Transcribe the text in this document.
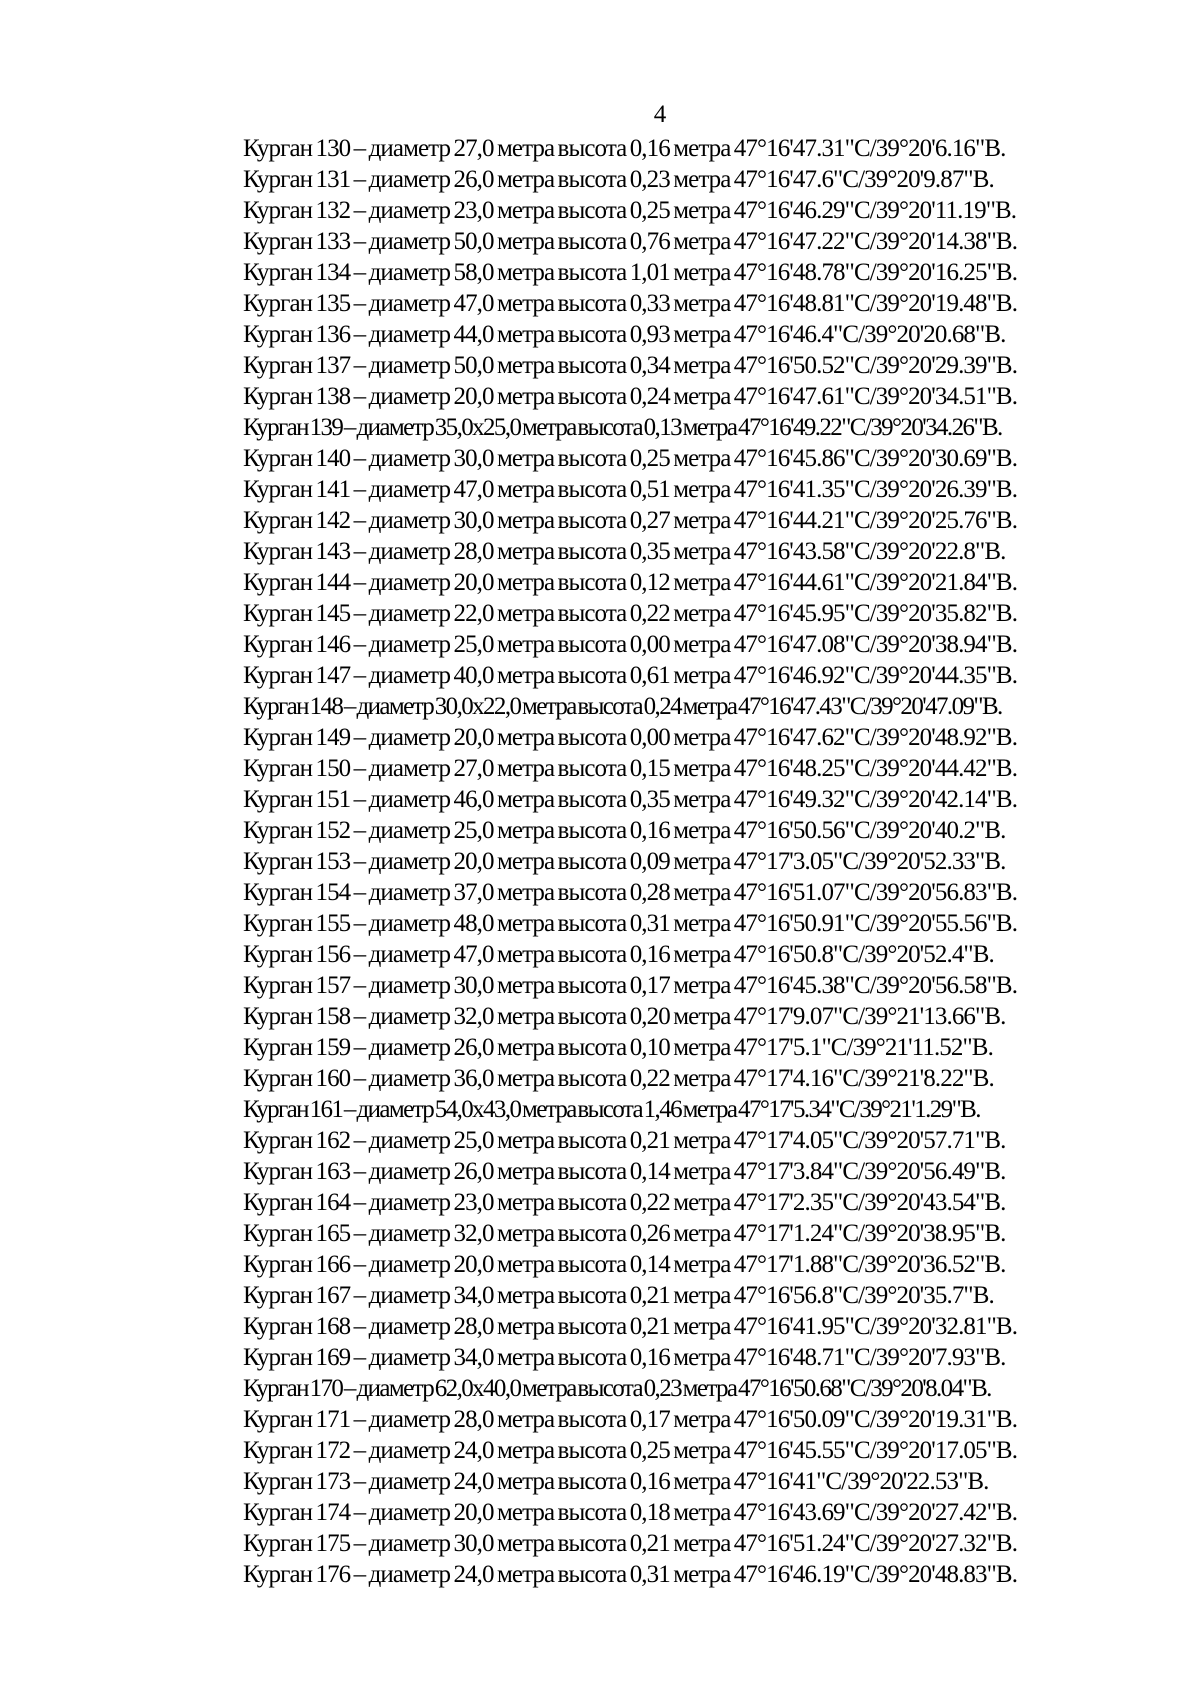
4
Курган 130 – диаметр 27,0 метра высота 0,16 метра 47°16'47.31"С/39°20'6.16"В.
Курган 131 – диаметр 26,0 метра высота 0,23 метра 47°16'47.6"С/39°20'9.87"В.
Курган 132 – диаметр 23,0 метра высота 0,25 метра 47°16'46.29"С/39°20'11.19"В.
Курган 133 – диаметр 50,0 метра высота 0,76 метра 47°16'47.22"С/39°20'14.38"В.
Курган 134 – диаметр 58,0 метра высота 1,01 метра 47°16'48.78"С/39°20'16.25"В.
Курган 135 – диаметр 47,0 метра высота 0,33 метра 47°16'48.81"С/39°20'19.48"В.
Курган 136 – диаметр 44,0 метра высота 0,93 метра 47°16'46.4"С/39°20'20.68"В.
Курган 137 – диаметр 50,0 метра высота 0,34 метра 47°16'50.52"С/39°20'29.39"В.
Курган 138 – диаметр 20,0 метра высота 0,24 метра 47°16'47.61"С/39°20'34.51"В.
Курган 139 – диаметр 35,0x25,0 метра высота 0,13 метра 47°16'49.22"С/39°20'34.26"В.
Курган 140 – диаметр 30,0 метра высота 0,25 метра 47°16'45.86"С/39°20'30.69"В.
Курган 141 – диаметр 47,0 метра высота 0,51 метра 47°16'41.35"С/39°20'26.39"В.
Курган 142 – диаметр 30,0 метра высота 0,27 метра 47°16'44.21"С/39°20'25.76"В.
Курган 143 – диаметр 28,0 метра высота 0,35 метра 47°16'43.58"С/39°20'22.8"В.
Курган 144 – диаметр 20,0 метра высота 0,12 метра 47°16'44.61"С/39°20'21.84"В.
Курган 145 – диаметр 22,0 метра высота 0,22 метра 47°16'45.95"С/39°20'35.82"В.
Курган 146 – диаметр 25,0 метра высота 0,00 метра 47°16'47.08"С/39°20'38.94"В.
Курган 147 – диаметр 40,0 метра высота 0,61 метра 47°16'46.92"С/39°20'44.35"В.
Курган 148 – диаметр 30,0x22,0 метра высота 0,24 метра 47°16'47.43"С/39°20'47.09"В.
Курган 149 – диаметр 20,0 метра высота 0,00 метра 47°16'47.62"С/39°20'48.92"В.
Курган 150 – диаметр 27,0 метра высота 0,15 метра 47°16'48.25"С/39°20'44.42"В.
Курган 151 – диаметр 46,0 метра высота 0,35 метра 47°16'49.32"С/39°20'42.14"В.
Курган 152 – диаметр 25,0 метра высота 0,16 метра 47°16'50.56"С/39°20'40.2"В.
Курган 153 – диаметр 20,0 метра высота 0,09 метра 47°17'3.05"С/39°20'52.33"В.
Курган 154 – диаметр 37,0 метра высота 0,28 метра 47°16'51.07"С/39°20'56.83"В.
Курган 155 – диаметр 48,0 метра высота 0,31 метра 47°16'50.91"С/39°20'55.56"В.
Курган 156 – диаметр 47,0 метра высота 0,16 метра 47°16'50.8"С/39°20'52.4"В.
Курган 157 – диаметр 30,0 метра высота 0,17 метра 47°16'45.38"С/39°20'56.58"В.
Курган 158 – диаметр 32,0 метра высота 0,20 метра 47°17'9.07"С/39°21'13.66"В.
Курган 159 – диаметр 26,0 метра высота 0,10 метра 47°17'5.1"С/39°21'11.52"В.
Курган 160 – диаметр 36,0 метра высота 0,22 метра 47°17'4.16"С/39°21'8.22"В.
Курган 161 – диаметр 54,0x43,0 метра высота 1,46 метра 47°17'5.34"С/39°21'1.29"В.
Курган 162 – диаметр 25,0 метра высота 0,21 метра 47°17'4.05"С/39°20'57.71"В.
Курган 163 – диаметр 26,0 метра высота 0,14 метра 47°17'3.84"С/39°20'56.49"В.
Курган 164 – диаметр 23,0 метра высота 0,22 метра 47°17'2.35"С/39°20'43.54"В.
Курган 165 – диаметр 32,0 метра высота 0,26 метра 47°17'1.24"С/39°20'38.95"В.
Курган 166 – диаметр 20,0 метра высота 0,14 метра 47°17'1.88"С/39°20'36.52"В.
Курган 167 – диаметр 34,0 метра высота 0,21 метра 47°16'56.8"С/39°20'35.7"В.
Курган 168 – диаметр 28,0 метра высота 0,21 метра 47°16'41.95"С/39°20'32.81"В.
Курган 169 – диаметр 34,0 метра высота 0,16 метра 47°16'48.71"С/39°20'7.93"В.
Курган 170 – диаметр 62,0x40,0 метра высота 0,23 метра 47°16'50.68"С/39°20'8.04"В.
Курган 171 – диаметр 28,0 метра высота 0,17 метра 47°16'50.09"С/39°20'19.31"В.
Курган 172 – диаметр 24,0 метра высота 0,25 метра 47°16'45.55"С/39°20'17.05"В.
Курган 173 – диаметр 24,0 метра высота 0,16 метра 47°16'41"С/39°20'22.53"В.
Курган 174 – диаметр 20,0 метра высота 0,18 метра 47°16'43.69"С/39°20'27.42"В.
Курган 175 – диаметр 30,0 метра высота 0,21 метра 47°16'51.24"С/39°20'27.32"В.
Курган 176 – диаметр 24,0 метра высота 0,31 метра 47°16'46.19"С/39°20'48.83"В.
